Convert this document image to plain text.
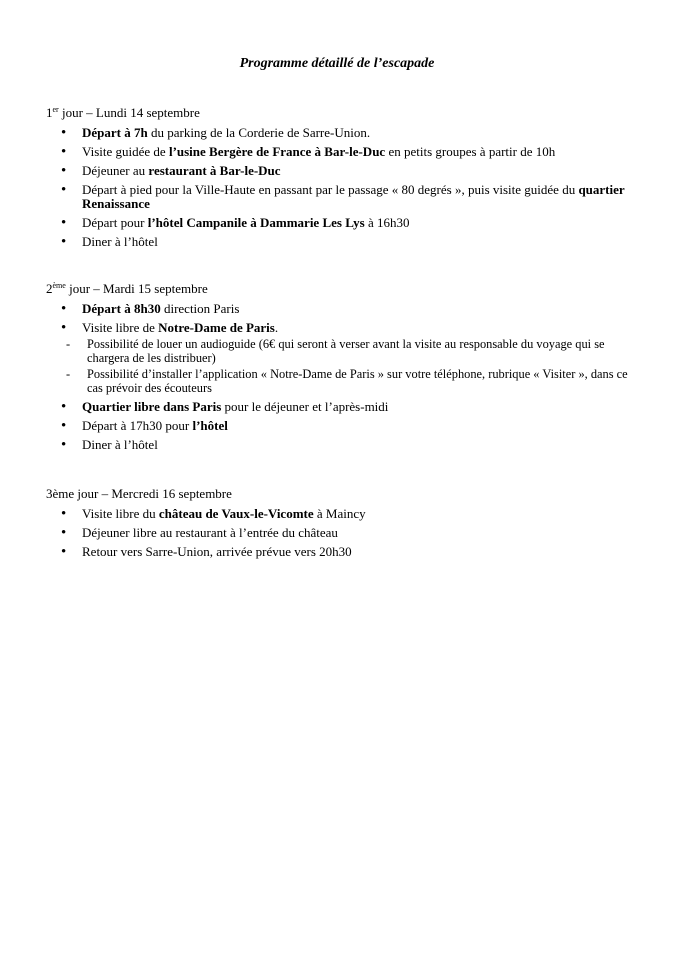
Programme détaillé de l’escapade
1er jour – Lundi 14 septembre
• Départ à 7h du parking de la Corderie de Sarre-Union.
• Visite guidée de l’usine Bergère de France à Bar-le-Duc en petits groupes à partir de 10h
• Déjeuner au restaurant à Bar-le-Duc
• Départ à pied pour la Ville-Haute en passant par le passage « 80 degrés », puis visite guidée du quartier Renaissance
• Départ pour l’hôtel Campanile à Dammarie Les Lys à 16h30
• Diner à l’hôtel
2ème jour – Mardi 15 septembre
• Départ à 8h30 direction Paris
• Visite libre de Notre-Dame de Paris.
- Possibilité de louer un audioguide (6€ qui seront à verser avant la visite au responsable du voyage qui se chargera de les distribuer)
- Possibilité d’installer l’application « Notre-Dame de Paris » sur votre téléphone, rubrique « Visiter », dans ce cas prévoir des écouteurs
• Quartier libre dans Paris pour le déjeuner et l’après-midi
• Départ à 17h30 pour l’hôtel
• Diner à l’hôtel
3ème jour – Mercredi 16 septembre
• Visite libre du château de Vaux-le-Vicomte à Maincy
• Déjeuner libre au restaurant à l’entrée du château
• Retour vers Sarre-Union, arrivée prévue vers 20h30
